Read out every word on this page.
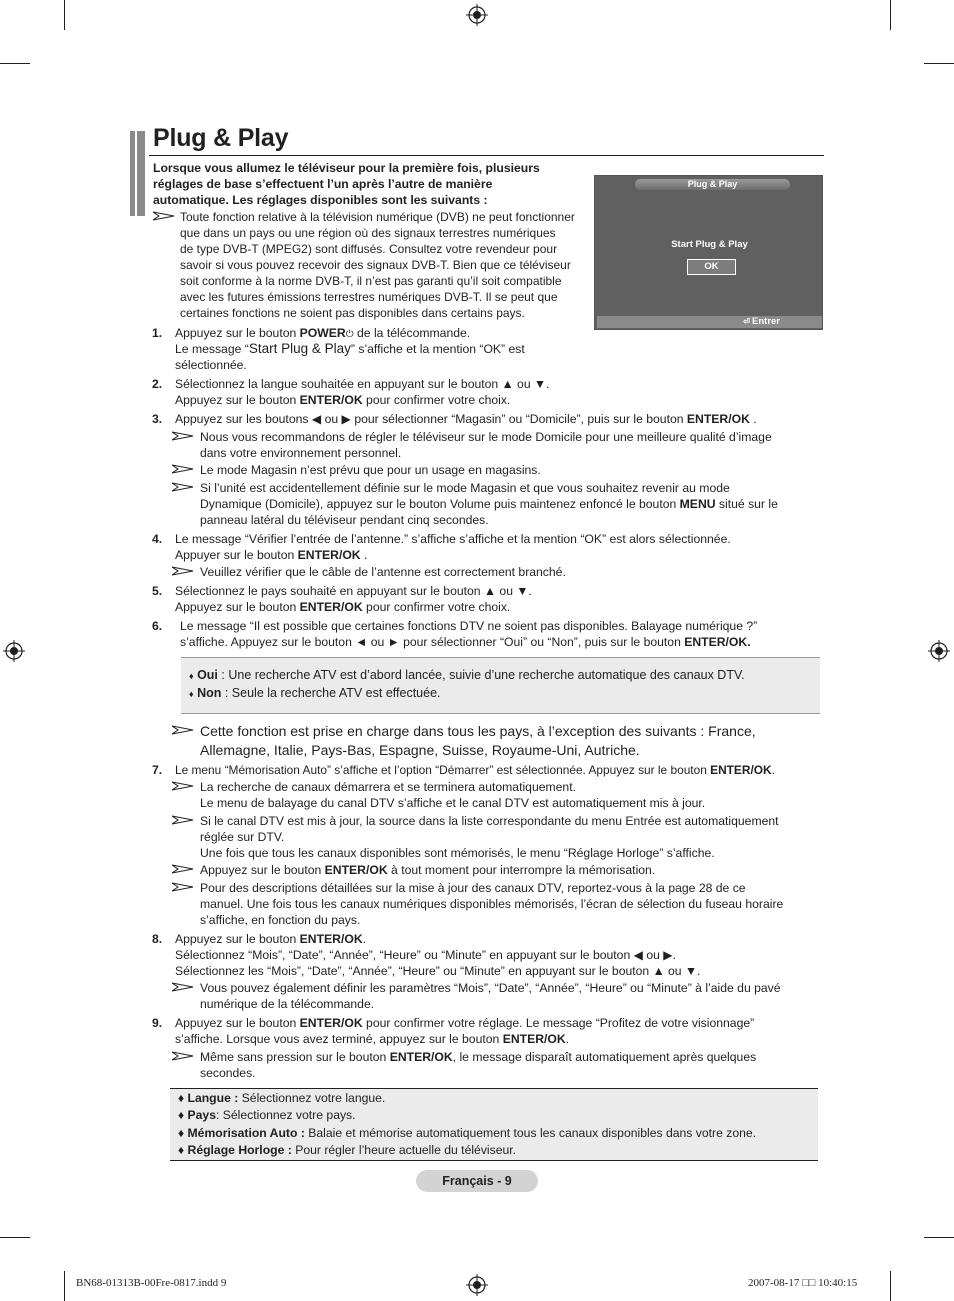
Plug & Play
Lorsque vous allumez le téléviseur pour la première fois, plusieurs
réglages de base s’effectuent l’un après l’autre de manière
automatique. Les réglages disponibles sont les suivants :
Toute fonction relative à la télévision numérique (DVB) ne peut fonctionner
que dans un pays ou une région où des signaux terrestres numériques
de type DVB-T (MPEG2) sont diffusés. Consultez votre revendeur pour
savoir si vous pouvez recevoir des signaux DVB-T. Bien que ce téléviseur
soit conforme à la norme DVB-T, il n’est pas garanti qu’il soit compatible
avec les futures émissions terrestres numériques DVB-T. Il se peut que
certaines fonctions ne soient pas disponibles dans certains pays.
Plug & Play
Start Plug & Play
OK
⏎ Entrer
1. Appuyez sur le bouton POWER⏻ de la télécommande.
Le message “Start Plug & Play” s’affiche et la mention “OK” est
sélectionnée.
2. Sélectionnez la langue souhaitée en appuyant sur le bouton ▲ ou ▼.
Appuyez sur le bouton ENTER/OK pour confirmer votre choix.
3. Appuyez sur les boutons ◀ ou ▶ pour sélectionner “Magasin” ou “Domicile”, puis sur le bouton ENTER/OK .
Nous vous recommandons de régler le téléviseur sur le mode Domicile pour une meilleure qualité d’image
dans votre environnement personnel.
Le mode Magasin n’est prévu que pour un usage en magasins.
Si l’unité est accidentellement définie sur le mode Magasin et que vous souhaitez revenir au mode
Dynamique (Domicile), appuyez sur le bouton Volume puis maintenez enfoncé le bouton MENU situé sur le
panneau latéral du téléviseur pendant cinq secondes.
4. Le message “Vérifier l’entrée de l’antenne.” s’affiche s’affiche et la mention “OK” est alors sélectionnée.
Appuyer sur le bouton ENTER/OK .
Veuillez vérifier que le câble de l’antenne est correctement branché.
5. Sélectionnez le pays souhaité en appuyant sur le bouton ▲ ou ▼.
Appuyez sur le bouton ENTER/OK pour confirmer votre choix.
6. Le message “Il est possible que certaines fonctions DTV ne soient pas disponibles. Balayage numérique ?”
s’affiche. Appuyez sur le bouton ◄ ou ► pour sélectionner “Oui” ou “Non”, puis sur le bouton ENTER/OK.
♦ Oui : Une recherche ATV est d’abord lancée, suivie d’une recherche automatique des canaux DTV.
♦ Non : Seule la recherche ATV est effectuée.
Cette fonction est prise en charge dans tous les pays, à l’exception des suivants : France,
Allemagne, Italie, Pays-Bas, Espagne, Suisse, Royaume-Uni, Autriche.
7. Le menu “Mémorisation Auto” s’affiche et l’option “Démarrer” est sélectionnée. Appuyez sur le bouton ENTER/OK.
La recherche de canaux démarrera et se terminera automatiquement.
Le menu de balayage du canal DTV s’affiche et le canal DTV est automatiquement mis à jour.
Si le canal DTV est mis à jour, la source dans la liste correspondante du menu Entrée est automatiquement
réglée sur DTV.
Une fois que tous les canaux disponibles sont mémorisés, le menu “Réglage Horloge” s’affiche.
Appuyez sur le bouton ENTER/OK à tout moment pour interrompre la mémorisation.
Pour des descriptions détaillées sur la mise à jour des canaux DTV, reportez-vous à la page 28 de ce
manuel. Une fois tous les canaux numériques disponibles mémorisés, l’écran de sélection du fuseau horaire
s’affiche, en fonction du pays.
8. Appuyez sur le bouton ENTER/OK.
Sélectionnez “Mois”, “Date”, “Année”, “Heure” ou “Minute” en appuyant sur le bouton ◀ ou ▶.
Sélectionnez les “Mois”, “Date”, “Année”, “Heure” ou “Minute” en appuyant sur le bouton ▲ ou ▼.
Vous pouvez également définir les paramètres “Mois”, “Date”, “Année”, “Heure” ou “Minute” à l’aide du pavé
numérique de la télécommande.
9. Appuyez sur le bouton ENTER/OK pour confirmer votre réglage. Le message “Profitez de votre visionnage”
s’affiche. Lorsque vous avez terminé, appuyez sur le bouton ENTER/OK.
Même sans pression sur le bouton ENTER/OK, le message disparaît automatiquement après quelques
secondes.
♦ Langue : Sélectionnez votre langue.
♦ Pays: Sélectionnez votre pays.
♦ Mémorisation Auto : Balaie et mémorise automatiquement tous les canaux disponibles dans votre zone.
♦ Réglage Horloge : Pour régler l’heure actuelle du téléviseur.
Français - 9
BN68-01313B-00Fre-0817.indd 9	2007-08-17 □□ 10:40:15
